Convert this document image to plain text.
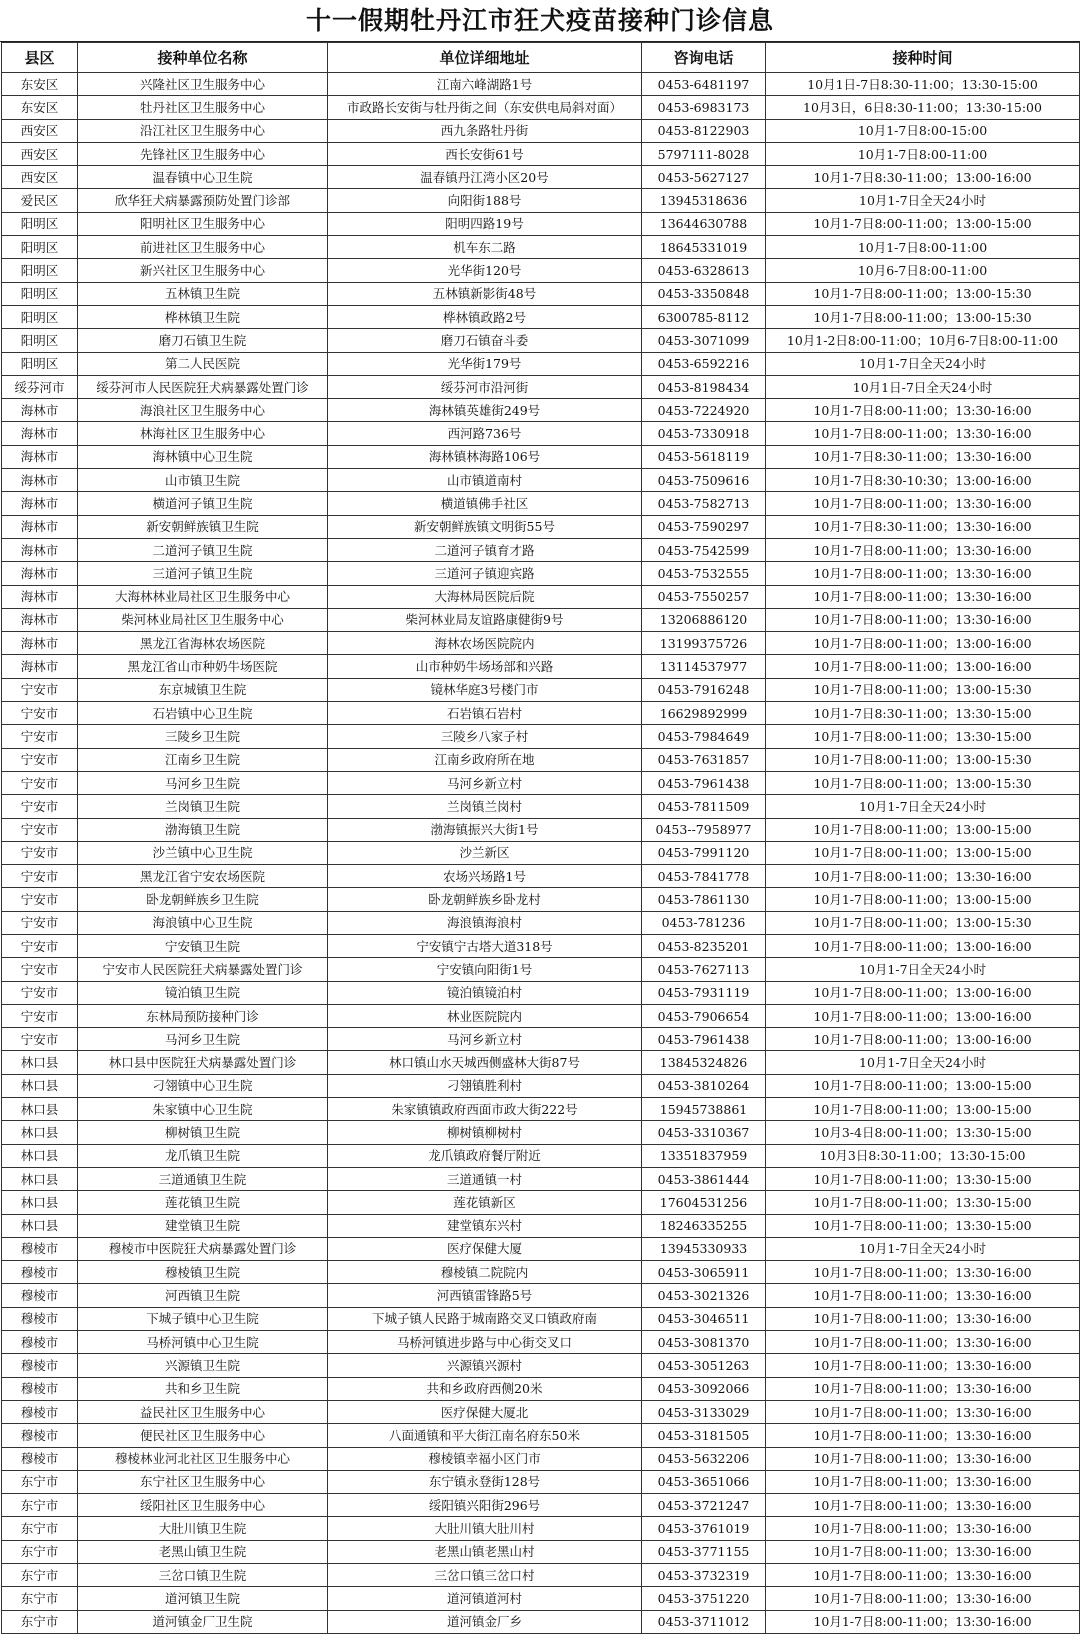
十一假期牡丹江市狂犬疫苗接种门诊信息
县区	接种单位名称	单位详细地址	咨询电话	接种时间
东安区	兴隆社区卫生服务中心	江南六峰湖路1号	0453-6481197	10月1日-7日8:30-11:00；13:30-15:00
东安区	牡丹社区卫生服务中心	市政路长安街与牡丹街之间（东安供电局斜对面）	0453-6983173	10月3日，6日8:30-11:00；13:30-15:00
西安区	沿江社区卫生服务中心	西九条路牡丹街	0453-8122903	10月1-7日8:00-15:00
西安区	先锋社区卫生服务中心	西长安街61号	5797111-8028	10月1-7日8:00-11:00
西安区	温春镇中心卫生院	温春镇丹江湾小区20号	0453-5627127	10月1-7日8:30-11:00；13:00-16:00
爱民区	欣华狂犬病暴露预防处置门诊部	向阳街188号	13945318636	10月1-7日全天24小时
阳明区	阳明社区卫生服务中心	阳明四路19号	13644630788	10月1-7日8:00-11:00；13:00-15:00
阳明区	前进社区卫生服务中心	机车东二路	18645331019	10月1-7日8:00-11:00
阳明区	新兴社区卫生服务中心	光华街120号	0453-6328613	10月6-7日8:00-11:00
阳明区	五林镇卫生院	五林镇新影街48号	0453-3350848	10月1-7日8:00-11:00；13:00-15:30
阳明区	桦林镇卫生院	桦林镇政路2号	6300785-8112	10月1-7日8:00-11:00；13:00-15:30
阳明区	磨刀石镇卫生院	磨刀石镇奋斗委	0453-3071099	10月1-2日8:00-11:00；10月6-7日8:00-11:00
阳明区	第二人民医院	光华街179号	0453-6592216	10月1-7日全天24小时
绥芬河市	绥芬河市人民医院狂犬病暴露处置门诊	绥芬河市沿河街	0453-8198434	10月1日-7日全天24小时
海林市	海浪社区卫生服务中心	海林镇英雄街249号	0453-7224920	10月1-7日8:00-11:00；13:30-16:00
海林市	林海社区卫生服务中心	西河路736号	0453-7330918	10月1-7日8:00-11:00；13:30-16:00
海林市	海林镇中心卫生院	海林镇林海路106号	0453-5618119	10月1-7日8:30-11:00；13:30-16:00
海林市	山市镇卫生院	山市镇道南村	0453-7509616	10月1-7日8:30-10:30；13:00-16:00
海林市	横道河子镇卫生院	横道镇佛手社区	0453-7582713	10月1-7日8:00-11:00；13:30-16:00
海林市	新安朝鲜族镇卫生院	新安朝鲜族镇文明街55号	0453-7590297	10月1-7日8:30-11:00；13:30-16:00
海林市	二道河子镇卫生院	二道河子镇育才路	0453-7542599	10月1-7日8:00-11:00；13:30-16:00
海林市	三道河子镇卫生院	三道河子镇迎宾路	0453-7532555	10月1-7日8:00-11:00；13:30-16:00
海林市	大海林林业局社区卫生服务中心	大海林局医院后院	0453-7550257	10月1-7日8:00-11:00；13:30-16:00
海林市	柴河林业局社区卫生服务中心	柴河林业局友谊路康健街9号	13206886120	10月1-7日8:00-11:00；13:30-16:00
海林市	黑龙江省海林农场医院	海林农场医院院内	13199375726	10月1-7日8:00-11:00；13:00-16:00
海林市	黑龙江省山市种奶牛场医院	山市种奶牛场场部和兴路	13114537977	10月1-7日8:00-11:00；13:00-16:00
宁安市	东京城镇卫生院	镜林华庭3号楼门市	0453-7916248	10月1-7日8:00-11:00；13:00-15:30
宁安市	石岩镇中心卫生院	石岩镇石岩村	16629892999	10月1-7日8:30-11:00；13:30-15:00
宁安市	三陵乡卫生院	三陵乡八家子村	0453-7984649	10月1-7日8:00-11:00；13:30-15:00
宁安市	江南乡卫生院	江南乡政府所在地	0453-7631857	10月1-7日8:00-11:00；13:00-15:30
宁安市	马河乡卫生院	马河乡新立村	0453-7961438	10月1-7日8:00-11:00；13:00-15:30
宁安市	兰岗镇卫生院	兰岗镇兰岗村	0453-7811509	10月1-7日全天24小时
宁安市	渤海镇卫生院	渤海镇振兴大街1号	0453--7958977	10月1-7日8:00-11:00；13:00-15:00
宁安市	沙兰镇中心卫生院	沙兰新区	0453-7991120	10月1-7日8:00-11:00；13:00-15:00
宁安市	黑龙江省宁安农场医院	农场兴场路1号	0453-7841778	10月1-7日8:00-11:00；13:30-16:00
宁安市	卧龙朝鲜族乡卫生院	卧龙朝鲜族乡卧龙村	0453-7861130	10月1-7日8:00-11:00；13:00-15:00
宁安市	海浪镇中心卫生院	海浪镇海浪村	0453-781236	10月1-7日8:00-11:00；13:00-15:30
宁安市	宁安镇卫生院	宁安镇宁古塔大道318号	0453-8235201	10月1-7日8:00-11:00；13:00-16:00
宁安市	宁安市人民医院狂犬病暴露处置门诊	宁安镇向阳街1号	0453-7627113	10月1-7日全天24小时
宁安市	镜泊镇卫生院	镜泊镇镜泊村	0453-7931119	10月1-7日8:00-11:00；13:00-16:00
宁安市	东林局预防接种门诊	林业医院院内	0453-7906654	10月1-7日8:00-11:00；13:00-16:00
宁安市	马河乡卫生院	马河乡新立村	0453-7961438	10月1-7日8:00-11:00；13:00-16:00
林口县	林口县中医院狂犬病暴露处置门诊	林口镇山水天城西侧盛林大街87号	13845324826	10月1-7日全天24小时
林口县	刁翎镇中心卫生院	刁翎镇胜利村	0453-3810264	10月1-7日8:00-11:00；13:00-15:00
林口县	朱家镇中心卫生院	朱家镇镇政府西面市政大街222号	15945738861	10月1-7日8:00-11:00；13:00-15:00
林口县	柳树镇卫生院	柳树镇柳树村	0453-3310367	10月3-4日8:00-11:00；13:30-15:00
林口县	龙爪镇卫生院	龙爪镇政府餐厅附近	13351837959	10月3日8:30-11:00；13:30-15:00
林口县	三道通镇卫生院	三道通镇一村	0453-3861444	10月1-7日8:00-11:00；13:30-15:00
林口县	莲花镇卫生院	莲花镇新区	17604531256	10月1-7日8:00-11:00；13:30-15:00
林口县	建堂镇卫生院	建堂镇东兴村	18246335255	10月1-7日8:00-11:00；13:30-15:00
穆棱市	穆棱市中医院狂犬病暴露处置门诊	医疗保健大厦	13945330933	10月1-7日全天24小时
穆棱市	穆棱镇卫生院	穆棱镇二院院内	0453-3065911	10月1-7日8:00-11:00；13:30-16:00
穆棱市	河西镇卫生院	河西镇雷锋路5号	0453-3021326	10月1-7日8:00-11:00；13:30-16:00
穆棱市	下城子镇中心卫生院	下城子镇人民路于城南路交叉口镇政府南	0453-3046511	10月1-7日8:00-11:00；13:30-16:00
穆棱市	马桥河镇中心卫生院	马桥河镇进步路与中心街交叉口	0453-3081370	10月1-7日8:00-11:00；13:30-16:00
穆棱市	兴源镇卫生院	兴源镇兴源村	0453-3051263	10月1-7日8:00-11:00；13:30-16:00
穆棱市	共和乡卫生院	共和乡政府西侧20米	0453-3092066	10月1-7日8:00-11:00；13:30-16:00
穆棱市	益民社区卫生服务中心	医疗保健大厦北	0453-3133029	10月1-7日8:00-11:00；13:30-16:00
穆棱市	便民社区卫生服务中心	八面通镇和平大街江南名府东50米	0453-3181505	10月1-7日8:00-11:00；13:30-16:00
穆棱市	穆棱林业河北社区卫生服务中心	穆棱镇幸福小区门市	0453-5632206	10月1-7日8:00-11:00；13:30-16:00
东宁市	东宁社区卫生服务中心	东宁镇永登街128号	0453-3651066	10月1-7日8:00-11:00；13:30-16:00
东宁市	绥阳社区卫生服务中心	绥阳镇兴阳街296号	0453-3721247	10月1-7日8:00-11:00；13:30-16:00
东宁市	大肚川镇卫生院	大肚川镇大肚川村	0453-3761019	10月1-7日8:00-11:00；13:30-16:00
东宁市	老黑山镇卫生院	老黑山镇老黑山村	0453-3771155	10月1-7日8:00-11:00；13:30-16:00
东宁市	三岔口镇卫生院	三岔口镇三岔口村	0453-3732319	10月1-7日8:00-11:00；13:30-16:00
东宁市	道河镇卫生院	道河镇道河村	0453-3751220	10月1-7日8:00-11:00；13:30-16:00
东宁市	道河镇金厂卫生院	道河镇金厂乡	0453-3711012	10月1-7日8:00-11:00；13:30-16:00
